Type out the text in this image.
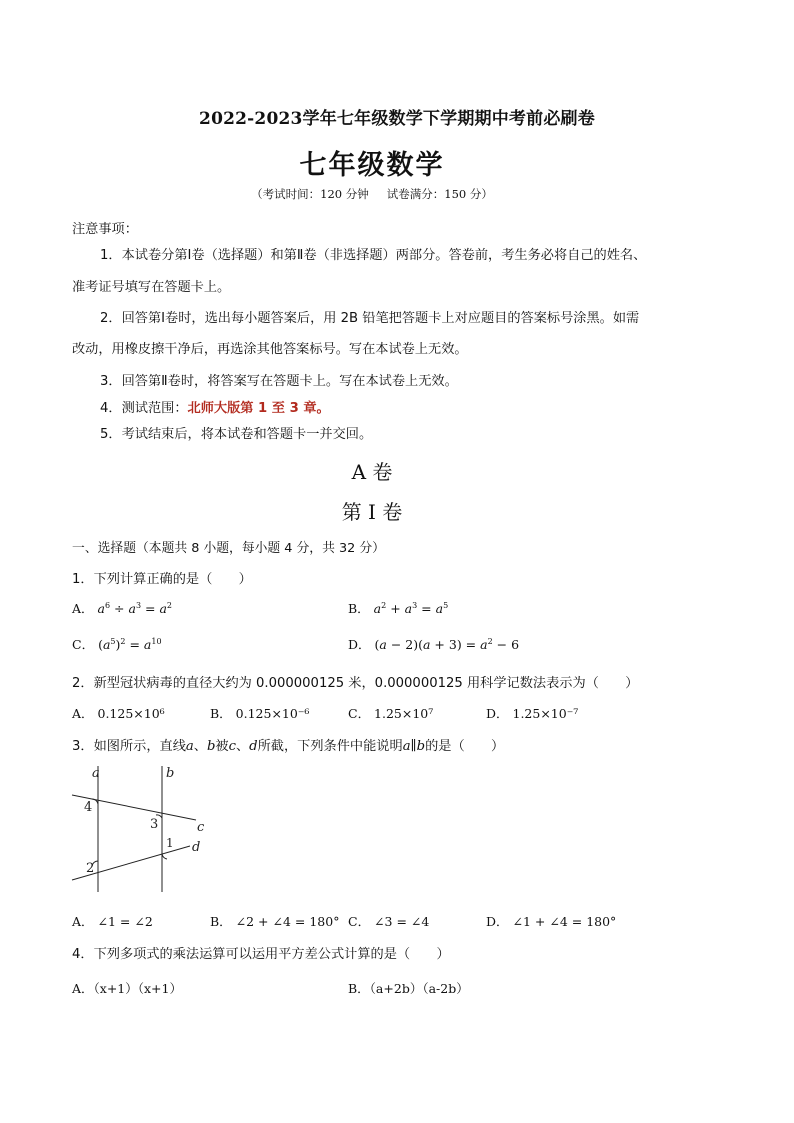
2022-2023学年七年级数学下学期期中考前必刷卷
七年级数学
（考试时间：120 分钟 试卷满分：150 分）
注意事项：
1．本试卷分第Ⅰ卷（选择题）和第Ⅱ卷（非选择题）两部分。答卷前，考生务必将自己的姓名、
准考证号填写在答题卡上。
2．回答第Ⅰ卷时，选出每小题答案后，用 2B 铅笔把答题卡上对应题目的答案标号涂黑。如需
改动，用橡皮擦干净后，再选涂其他答案标号。写在本试卷上无效。
3．回答第Ⅱ卷时，将答案写在答题卡上。写在本试卷上无效。
4．测试范围：北师大版第 1 至 3 章。
5．考试结束后，将本试卷和答题卡一并交回。
A 卷
第 I 卷
一、选择题（本题共 8 小题，每小题 4 分，共 32 分）
1．下列计算正确的是（　　）
A． $a^6 \div a^3 = a^2$	B． $a^2 + a^3 = a^5$
C． $(a^5)^2 = a^{10}$	D． $(a - 2)(a + 3) = a^2 - 6$
2．新型冠状病毒的直径大约为 0.000000125 米，0.000000125 用科学记数法表示为（　　）
A． 0.125×10⁶	B． 0.125×10⁻⁶	C． 1.25×10⁷	D． 1.25×10⁻⁷
3．如图所示，直线a、b被c、d所截，下列条件中能说明a∥b的是（　　）
a	b
c
d
4
3
1
2
A． ∠1 = ∠2	B． ∠2 + ∠4 = 180° C． ∠3 = ∠4	D． ∠1 + ∠4 = 180°
4．下列多项式的乘法运算可以运用平方差公式计算的是（　　）
A．（x+1）（x+1）	B．（a+2b）（a-2b）
